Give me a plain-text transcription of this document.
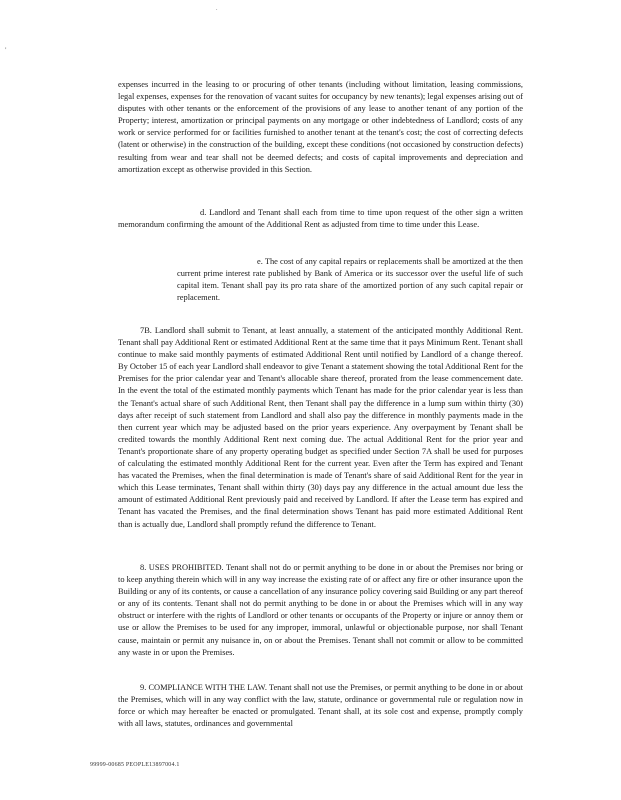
.
,

expenses incurred in the leasing to or procuring of other tenants (including without limitation, leasing commissions, legal expenses, expenses for the renovation of vacant suites for occupancy by new tenants); legal expenses arising out of disputes with other tenants or the enforcement of the provisions of any lease to another tenant of any portion of the Property; interest, amortization or principal payments on any mortgage or other indebtedness of Landlord; costs of any work or service performed for or facilities furnished to another tenant at the tenant's cost; the cost of correcting defects (latent or otherwise) in the construction of the building, except these conditions (not occasioned by construction defects) resulting from wear and tear shall not be deemed defects; and costs of capital improvements and depreciation and amortization except as otherwise provided in this Section.

d. Landlord and Tenant shall each from time to time upon request of the other sign a written memorandum confirming the amount of the Additional Rent as adjusted from time to time under this Lease.

e. The cost of any capital repairs or replacements shall be amortized at the then current prime interest rate published by Bank of America or its successor over the useful life of such capital item. Tenant shall pay its pro rata share of the amortized portion of any such capital repair or replacement.

7B. Landlord shall submit to Tenant, at least annually, a statement of the anticipated monthly Additional Rent. Tenant shall pay Additional Rent or estimated Additional Rent at the same time that it pays Minimum Rent. Tenant shall continue to make said monthly payments of estimated Additional Rent until notified by Landlord of a change thereof. By October 15 of each year Landlord shall endeavor to give Tenant a statement showing the total Additional Rent for the Premises for the prior calendar year and Tenant's allocable share thereof, prorated from the lease commencement date. In the event the total of the estimated monthly payments which Tenant has made for the prior calendar year is less than the Tenant's actual share of such Additional Rent, then Tenant shall pay the difference in a lump sum within thirty (30) days after receipt of such statement from Landlord and shall also pay the difference in monthly payments made in the then current year which may be adjusted based on the prior years experience. Any overpayment by Tenant shall be credited towards the monthly Additional Rent next coming due. The actual Additional Rent for the prior year and Tenant's proportionate share of any property operating budget as specified under Section 7A shall be used for purposes of calculating the estimated monthly Additional Rent for the current year. Even after the Term has expired and Tenant has vacated the Premises, when the final determination is made of Tenant's share of said Additional Rent for the year in which this Lease terminates, Tenant shall within thirty (30) days pay any difference in the actual amount due less the amount of estimated Additional Rent previously paid and received by Landlord. If after the Lease term has expired and Tenant has vacated the Premises, and the final determination shows Tenant has paid more estimated Additional Rent than is actually due, Landlord shall promptly refund the difference to Tenant.

8. USES PROHIBITED. Tenant shall not do or permit anything to be done in or about the Premises nor bring or to keep anything therein which will in any way increase the existing rate of or affect any fire or other insurance upon the Building or any of its contents, or cause a cancellation of any insurance policy covering said Building or any part thereof or any of its contents. Tenant shall not do permit anything to be done in or about the Premises which will in any way obstruct or interfere with the rights of Landlord or other tenants or occupants of the Property or injure or annoy them or use or allow the Premises to be used for any improper, immoral, unlawful or objectionable purpose, nor shall Tenant cause, maintain or permit any nuisance in, on or about the Premises. Tenant shall not commit or allow to be committed any waste in or upon the Premises.

9. COMPLIANCE WITH THE LAW. Tenant shall not use the Premises, or permit anything to be done in or about the Premises, which will in any way conflict with the law, statute, ordinance or governmental rule or regulation now in force or which may hereafter be enacted or promulgated. Tenant shall, at its sole cost and expense, promptly comply with all laws, statutes, ordinances and governmental

99999-00685 PEOPLE13897004.1
